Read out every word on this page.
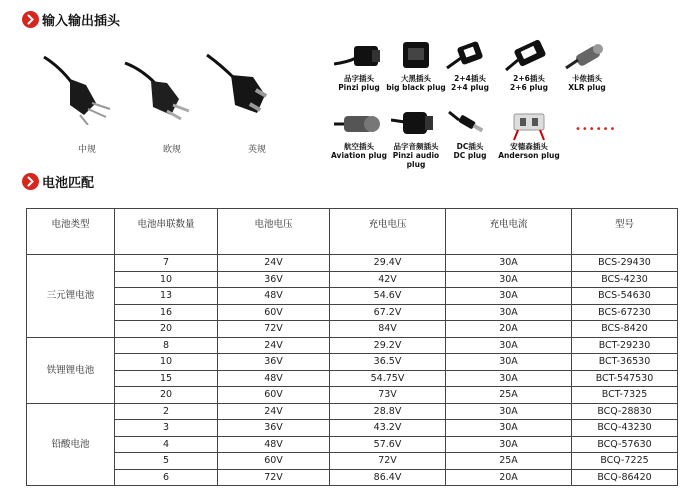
输入输出插头
中规	欧规	英规
品字插头
Pinzi plug
大黑插头
big black plug
2+4插头
2+4 plug
2+6插头
2+6 plug
卡侬插头
XLR plug
航空插头
Aviation plug
品字音频插头
Pinzi audio plug
DC插头
DC plug
安德森插头
Anderson plug
••••••
电池匹配
电池类型	电池串联数量	电池电压	充电电压	充电电流	型号
三元锂电池	7	24V	29.4V	30A	BCS-29430
	10	36V	42V	30A	BCS-4230
	13	48V	54.6V	30A	BCS-54630
	16	60V	67.2V	30A	BCS-67230
	20	72V	84V	20A	BCS-8420
铁锂锂电池	8	24V	29.2V	30A	BCT-29230
	10	36V	36.5V	30A	BCT-36530
	15	48V	54.75V	30A	BCT-547530
	20	60V	73V	25A	BCT-7325
铅酸电池	2	24V	28.8V	30A	BCQ-28830
	3	36V	43.2V	30A	BCQ-43230
	4	48V	57.6V	30A	BCQ-57630
	5	60V	72V	25A	BCQ-7225
	6	72V	86.4V	20A	BCQ-86420
